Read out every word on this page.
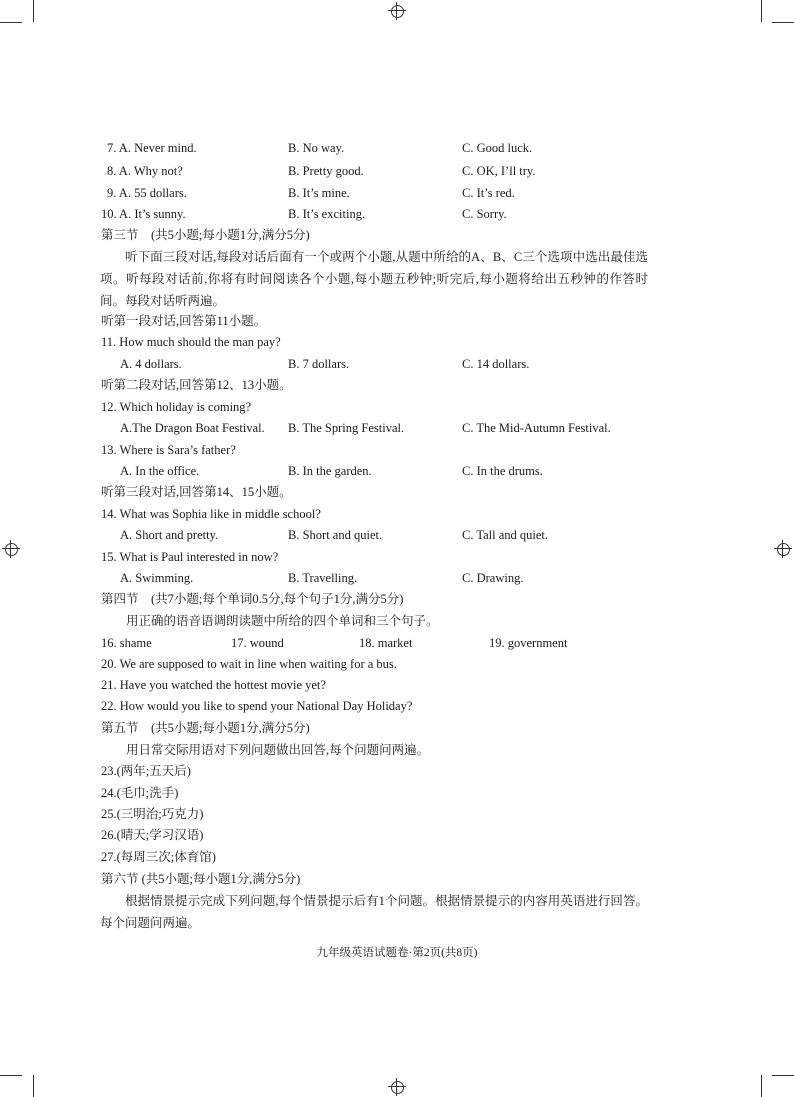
7. A. Never mind.	B. No way.	C. Good luck.
8. A. Why not?	B. Pretty good.	C. OK, I’ll try.
9. A. 55 dollars.	B. It’s mine.	C. It’s red.
10. A. It’s sunny.	B. It’s exciting.	C. Sorry.
第三节　(共5小题;每小题1分,满分5分)
听下面三段对话,每段对话后面有一个或两个小题,从题中所给的A、B、C三个选项中选出最佳选项。听每段对话前,你将有时间阅读各个小题,每小题五秒钟;听完后,每小题将给出五秒钟的作答时间。每段对话听两遍。
听第一段对话,回答第11小题。
11. How much should the man pay?
A. 4 dollars.	B. 7 dollars.	C. 14 dollars.
听第二段对话,回答第12、13小题。
12. Which holiday is coming?
A.The Dragon Boat Festival. B. The Spring Festival.	C. The Mid-Autumn Festival.
13. Where is Sara’s father?
A. In the office.	B. In the garden.	C. In the drums.
听第三段对话,回答第14、15小题。
14. What was Sophia like in middle school?
A. Short and pretty.	B. Short and quiet.	C. Tall and quiet.
15. What is Paul interested in now?
A. Swimming.	B. Travelling.	C. Drawing.
第四节　(共7小题;每个单词0.5分,每个句子1分,满分5分)
用正确的语音语调朗读题中所给的四个单词和三个句子。
16. shame	17. wound	18. market	19. government
20. We are supposed to wait in line when waiting for a bus.
21. Have you watched the hottest movie yet?
22. How would you like to spend your National Day Holiday?
第五节　(共5小题;每小题1分,满分5分)
用日常交际用语对下列问题做出回答,每个问题问两遍。
23.(两年;五天后)
24.(毛巾;洗手)
25.(三明治;巧克力)
26.(晴天;学习汉语)
27.(每周三次;体育馆)
第六节 (共5小题;每小题1分,满分5分)
根据情景提示完成下列问题,每个情景提示后有1个问题。根据情景提示的内容用英语进行回答。每个问题问两遍。
九年级英语试题卷·第2页(共8页)
